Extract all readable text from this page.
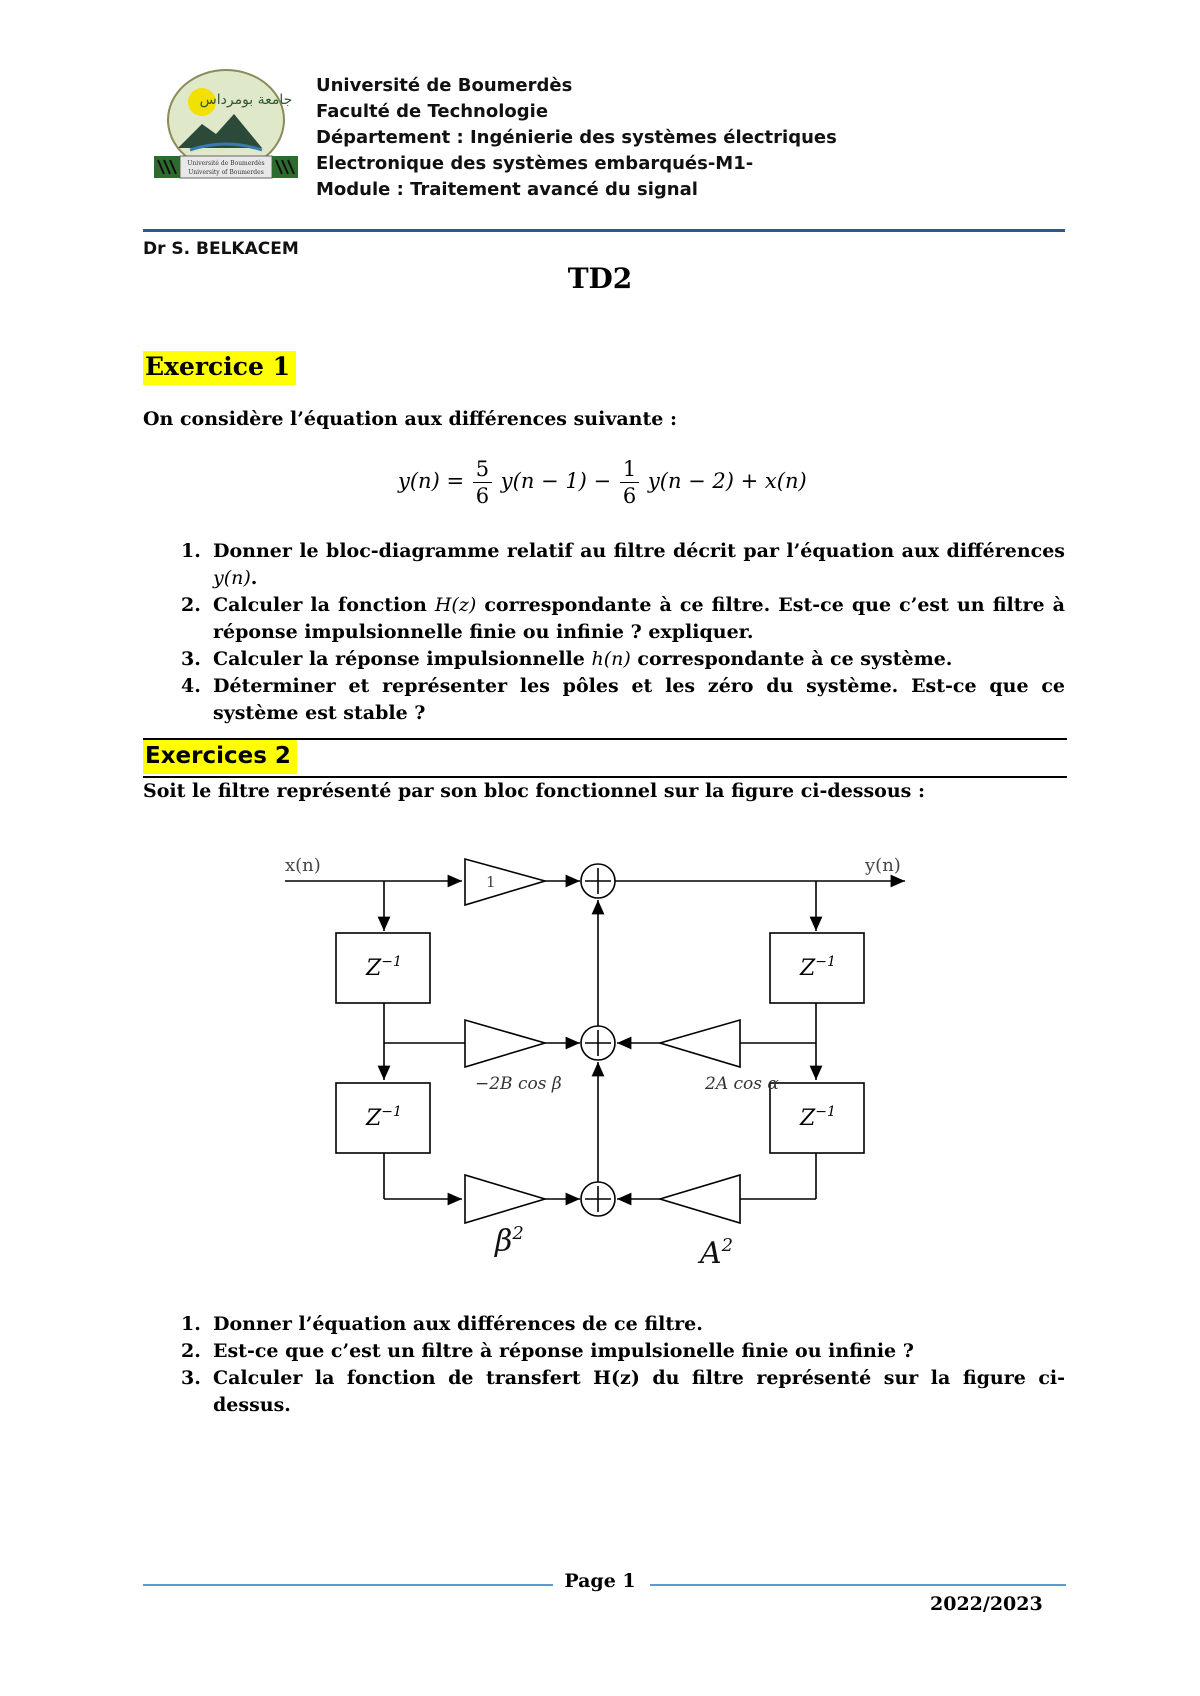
جامعة بومرداس
Université de Boumerdès
University of Boumerdes
Université de Boumerdès
Faculté de Technologie
Département : Ingénierie des systèmes électriques
Electronique des systèmes embarqués-M1-
Module : Traitement avancé du signal
Dr S. BELKACEM
TD2
Exercice 1
On considère l’équation aux différences suivante :
$y(n) = \frac{5}{6} y(n - 1) - \frac{1}{6} y(n - 2) + x(n)$
1. Donner le bloc-diagramme relatif au filtre décrit par l’équation aux différences y(n).
2. Calculer la fonction H(z) correspondante à ce filtre. Est-ce que c’est un filtre à réponse impulsionnelle finie ou infinie ? expliquer.
3. Calculer la réponse impulsionnelle h(n) correspondante à ce système.
4. Déterminer et représenter les pôles et les zéro du système. Est-ce que ce système est stable ?
Exercices 2
Soit le filtre représenté par son bloc fonctionnel sur la figure ci-dessous :
x(n)	y(n)
1
$Z^{-1}$
$Z^{-1}$
$Z^{-1}$
$Z^{-1}$
−2B cos β	2A cos α
$\beta^2$
$A^2$
1. Donner l’équation aux différences de ce filtre.
2. Est-ce que c’est un filtre à réponse impulsionelle finie ou infinie ?
3. Calculer la fonction de transfert H(z) du filtre représenté sur la figure ci-dessus.
Page 1
2022/2023
